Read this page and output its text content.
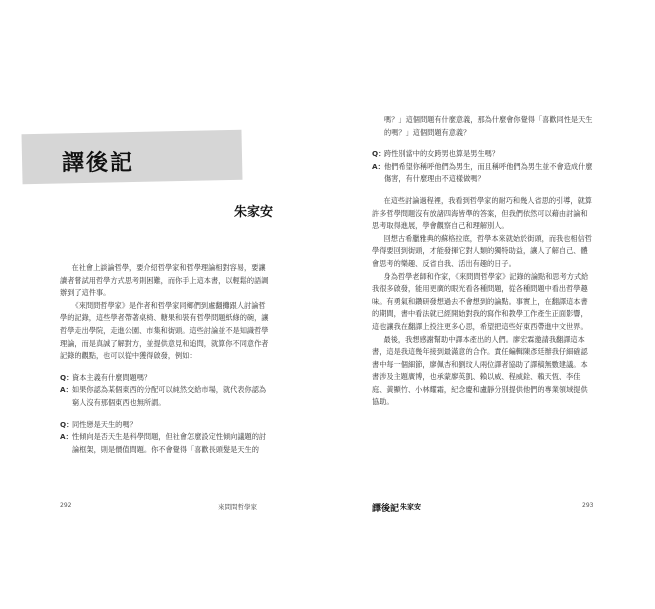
譯後記
朱家安

在社會上談論哲學，要介紹哲學家和哲學理論相對容易，要讓讀者嘗試用哲學方式思考則困難，而你手上這本書，以輕鬆的語調辦到了這件事。

《來問問哲學家》是作者和哲學家同鄉們到處翻攤跟人討論哲學的記錄，這些學者帶著桌椅、糖果和裝有哲學問題紙條的碗，讓哲學走出學院，走進公園、市集和街頭。這些討論並不是知識哲學理論，而是真誠了解對方，並提供意見和追問，就算你不同意作者記錄的觀點，也可以從中獲得啟發，例如：

Q：
資本主義有什麼問題嗎？
A： 如果你認為某個東西的分配可以純然交給市場，就代表你認為窮人沒有那個東西也無所謂。
Q：
同性戀是天生的嗎？
A： 性傾向是否天生是科學問題，但社會怎麼設定性傾向議題的討論框架，則是價值問題。你不會覺得「喜歡長頭髮是天生的
292	來問問哲學家

嗎？」這個問題有什麼意義，那為什麼會你覺得「喜歡同性是天生的嗎？」這個問題有意義？

Q：
跨性別當中的女跨男也算是男生嗎？
A： 他們希望你稱呼他們為男生，而且稱呼他們為男生並不會造成什麼傷害，有什麼理由不這樣做嗎？

在這些討論過程裡，我看到哲學家的耐巧和幾人省思的引導，就算許多哲學問題沒有放諸四海皆準的答案，但我們依然可以藉由討論和思考取得進展，學會觀察自己和理解別人。

回想古希臘雅典的蘇格拉底，哲學本來就始於街頭，而我也相信哲學得要回到街頭，才能發揮它對人類的獨特助益，讓人了解自己、體會思考的樂趣、反省自我、活出有趣的日子。

身為哲學老師和作家，《來問問哲學家》記錄的論點和思考方式給我很多啟發，能用更廣的眼光看各種問題，從各種問題中看出哲學趣味。有勇氣和鑽研發想過去不會想到的論點。事實上，在翻譯這本書的期間，書中看法就已經開始對我的寫作和教學工作產生正面影響，這也讓我在翻譯上投注更多心思，希望把這些好東西帶進中文世界。

最後，我想感謝幫助中譯本產出的人們。廖宏霖邀請我翻譯這本書，這是我這幾年接到最滿意的合作。責任編輯陳彥廷辦我仔細確認書中每一個細節，廖佩杏和劉玟人兩位譯者協助了譯稿無數建議。本書涉及主題廣博，也承蒙廖英凱、賴以威、程威銓、賴天恆、李佳庭、黃顯竹、小林耀霜，紀念慶和盧靜分別提供他們的專業領域提供協助。

譯後記 朱家安	293
